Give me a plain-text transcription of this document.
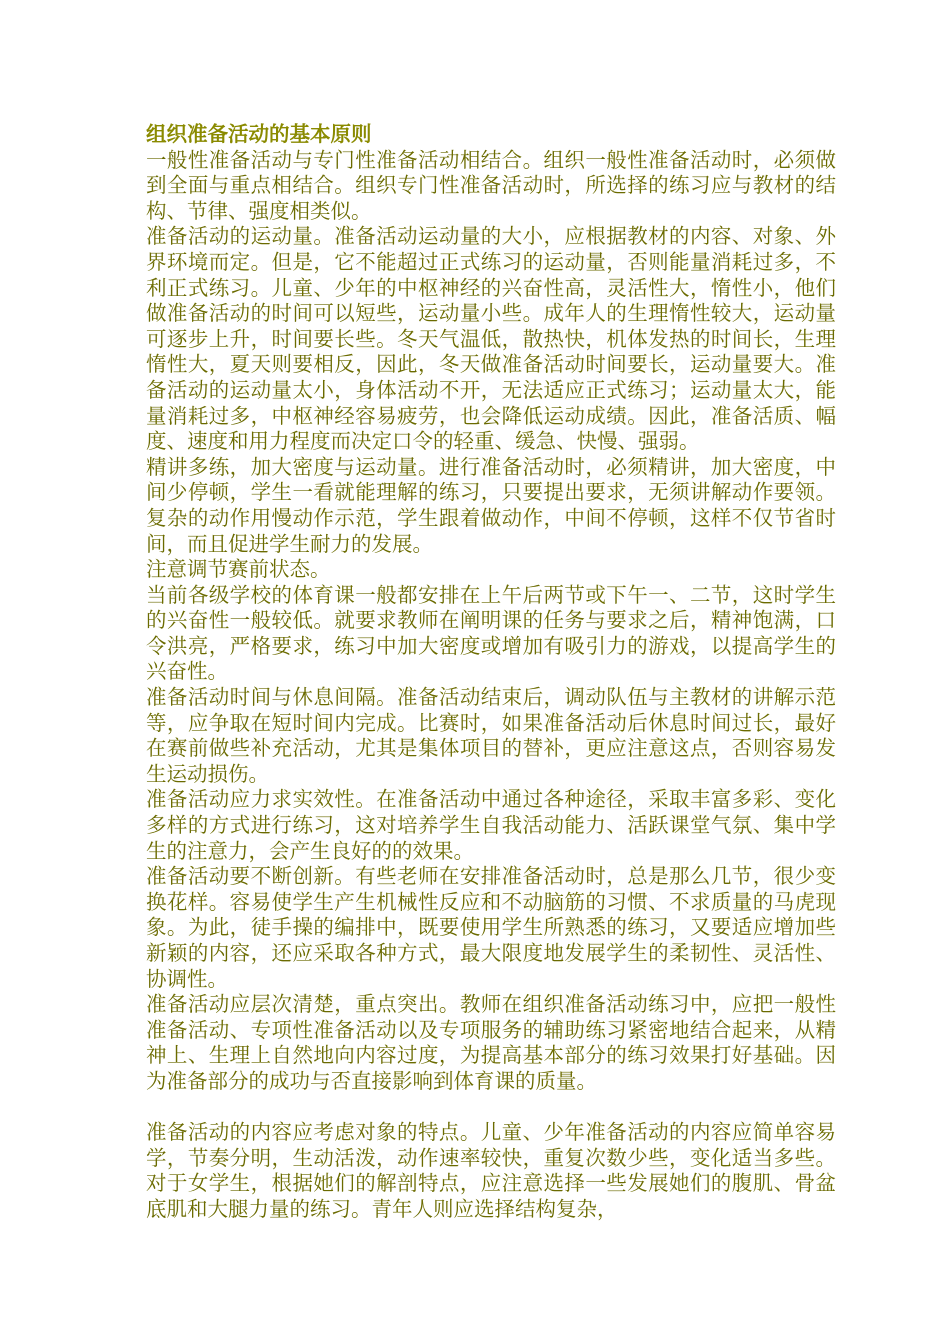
组织准备活动的基本原则

一般性准备活动与专门性准备活动相结合。组织一般性准备活动时，必须做到全面与重点相结合。组织专门性准备活动时，所选择的练习应与教材的结构、节律、强度相类似。

准备活动的运动量。准备活动运动量的大小，应根据教材的内容、对象、外界环境而定。但是，它不能超过正式练习的运动量，否则能量消耗过多，不利正式练习。儿童、少年的中枢神经的兴奋性高，灵活性大，惰性小，他们做准备活动的时间可以短些，运动量小些。成年人的生理惰性较大，运动量可逐步上升，时间要长些。冬天气温低，散热快，机体发热的时间长，生理惰性大，夏天则要相反，因此，冬天做准备活动时间要长，运动量要大。准备活动的运动量太小，身体活动不开，无法适应正式练习；运动量太大，能量消耗过多，中枢神经容易疲劳，也会降低运动成绩。因此，准备活质、幅度、速度和用力程度而决定口令的轻重、缓急、快慢、强弱。

精讲多练，加大密度与运动量。进行准备活动时，必须精讲，加大密度，中间少停顿，学生一看就能理解的练习，只要提出要求，无须讲解动作要领。复杂的动作用慢动作示范，学生跟着做动作，中间不停顿，这样不仅节省时间，而且促进学生耐力的发展。

注意调节赛前状态。

当前各级学校的体育课一般都安排在上午后两节或下午一、二节，这时学生的兴奋性一般较低。就要求教师在阐明课的任务与要求之后，精神饱满，口令洪亮，严格要求，练习中加大密度或增加有吸引力的游戏，以提高学生的兴奋性。

准备活动时间与休息间隔。准备活动结束后，调动队伍与主教材的讲解示范等，应争取在短时间内完成。比赛时，如果准备活动后休息时间过长，最好在赛前做些补充活动，尤其是集体项目的替补，更应注意这点，否则容易发生运动损伤。

准备活动应力求实效性。在准备活动中通过各种途径，采取丰富多彩、变化多样的方式进行练习，这对培养学生自我活动能力、活跃课堂气氛、集中学生的注意力，会产生良好的的效果。

准备活动要不断创新。有些老师在安排准备活动时，总是那么几节，很少变换花样。容易使学生产生机械性反应和不动脑筋的习惯、不求质量的马虎现象。为此，徒手操的编排中，既要使用学生所熟悉的练习，又要适应增加些新颖的内容，还应采取各种方式，最大限度地发展学生的柔韧性、灵活性、协调性。

准备活动应层次清楚，重点突出。教师在组织准备活动练习中，应把一般性准备活动、专项性准备活动以及专项服务的辅助练习紧密地结合起来，从精神上、生理上自然地向内容过度，为提高基本部分的练习效果打好基础。因为准备部分的成功与否直接影响到体育课的质量。

准备活动的内容应考虑对象的特点。儿童、少年准备活动的内容应简单容易学，节奏分明，生动活泼，动作速率较快，重复次数少些，变化适当多些。对于女学生，根据她们的解剖特点，应注意选择一些发展她们的腹肌、骨盆底肌和大腿力量的练习。青年人则应选择结构复杂，
